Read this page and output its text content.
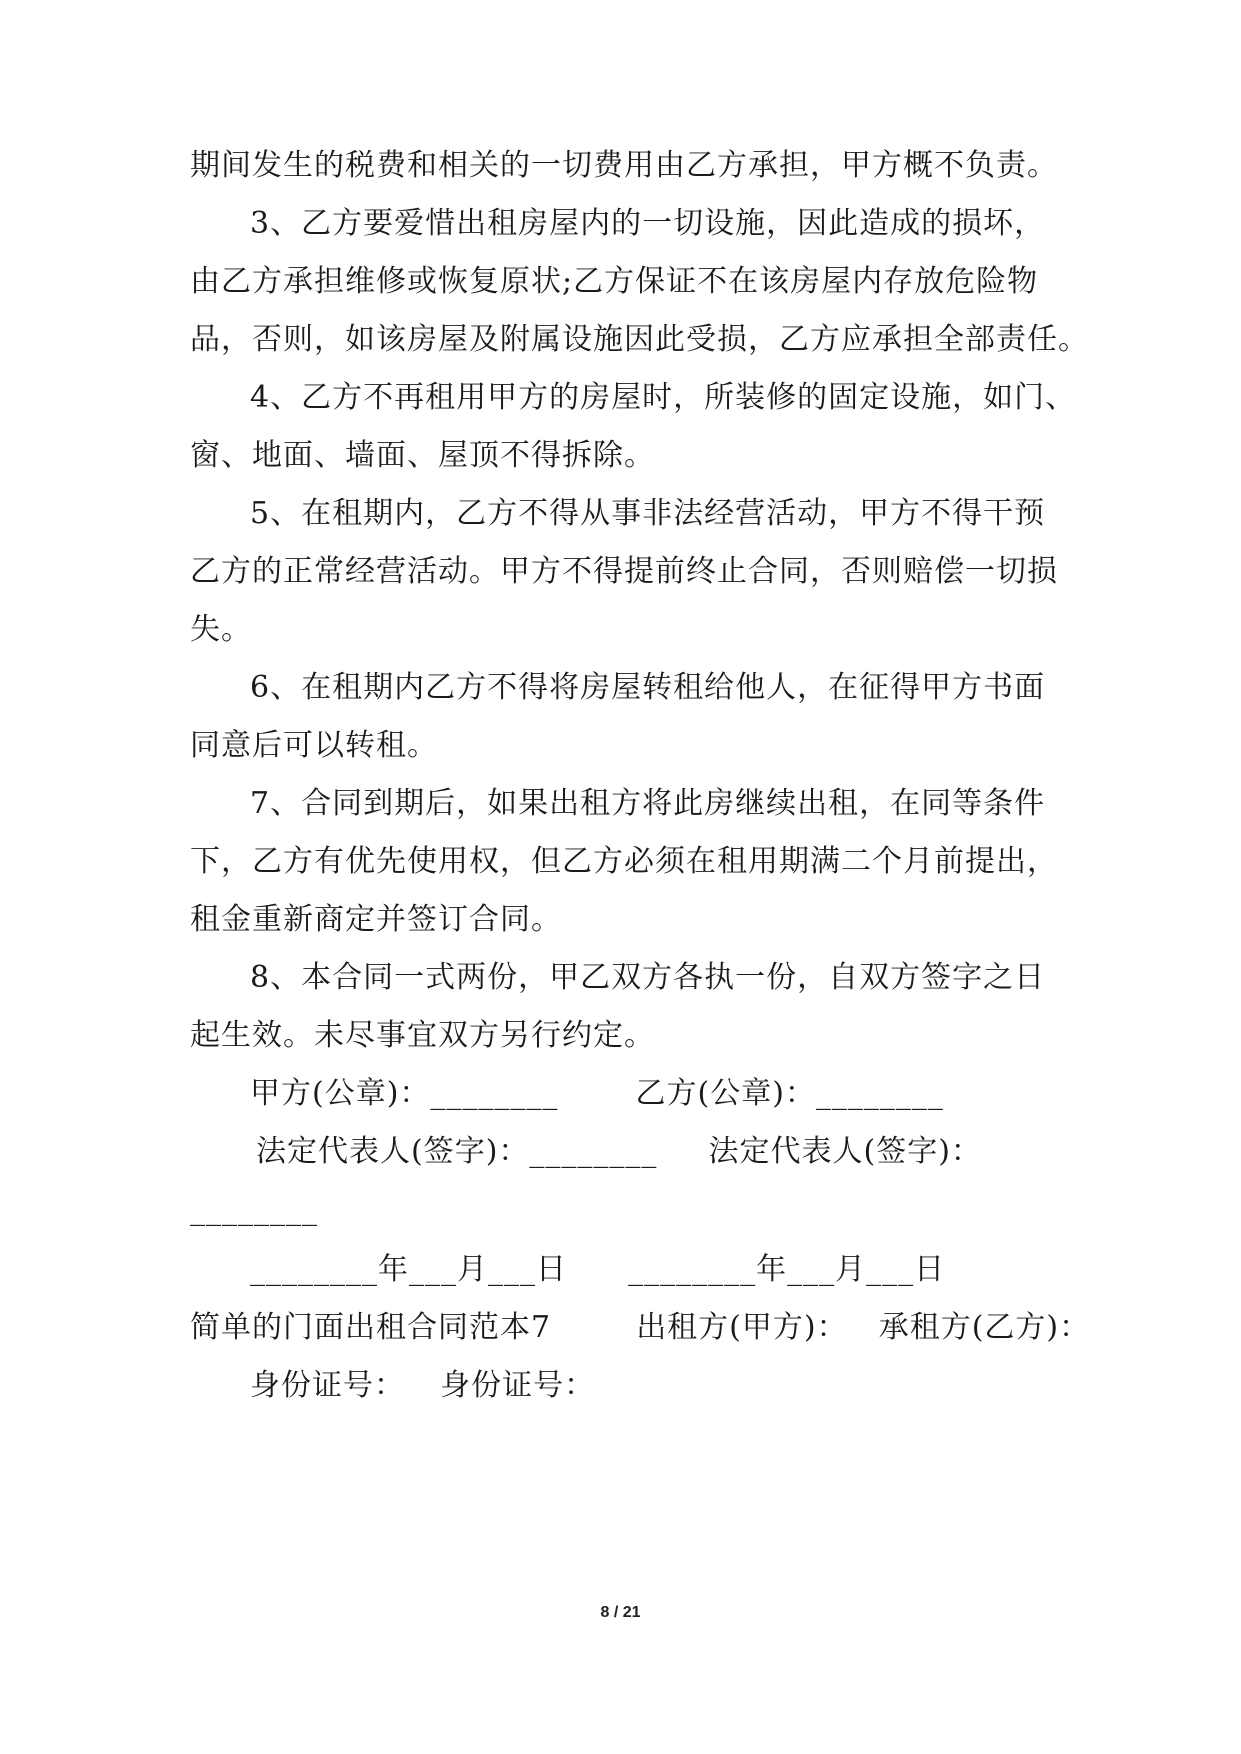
期间发生的税费和相关的一切费用由乙方承担，甲方概不负责。
3、乙方要爱惜出租房屋内的一切设施，因此造成的损坏，
由乙方承担维修或恢复原状;乙方保证不在该房屋内存放危险物
品，否则，如该房屋及附属设施因此受损，乙方应承担全部责任。
4、乙方不再租用甲方的房屋时，所装修的固定设施，如门、
窗、地面、墙面、屋顶不得拆除。
5、在租期内，乙方不得从事非法经营活动，甲方不得干预
乙方的正常经营活动。甲方不得提前终止合同，否则赔偿一切损
失。
6、在租期内乙方不得将房屋转租给他人，在征得甲方书面
同意后可以转租。
7、合同到期后，如果出租方将此房继续出租，在同等条件
下，乙方有优先使用权，但乙方必须在租用期满二个月前提出，
租金重新商定并签订合同。
8、本合同一式两份，甲乙双方各执一份，自双方签字之日
起生效。未尽事宜双方另行约定。
甲方(公章)：________	乙方(公章)：________
法定代表人(签字)：________ 法定代表人(签字)：
________
________年___月___日 ________年___月___日
简单的门面出租合同范本7	出租方(甲方)： 承租方(乙方)：
身份证号： 身份证号：
8 / 21
